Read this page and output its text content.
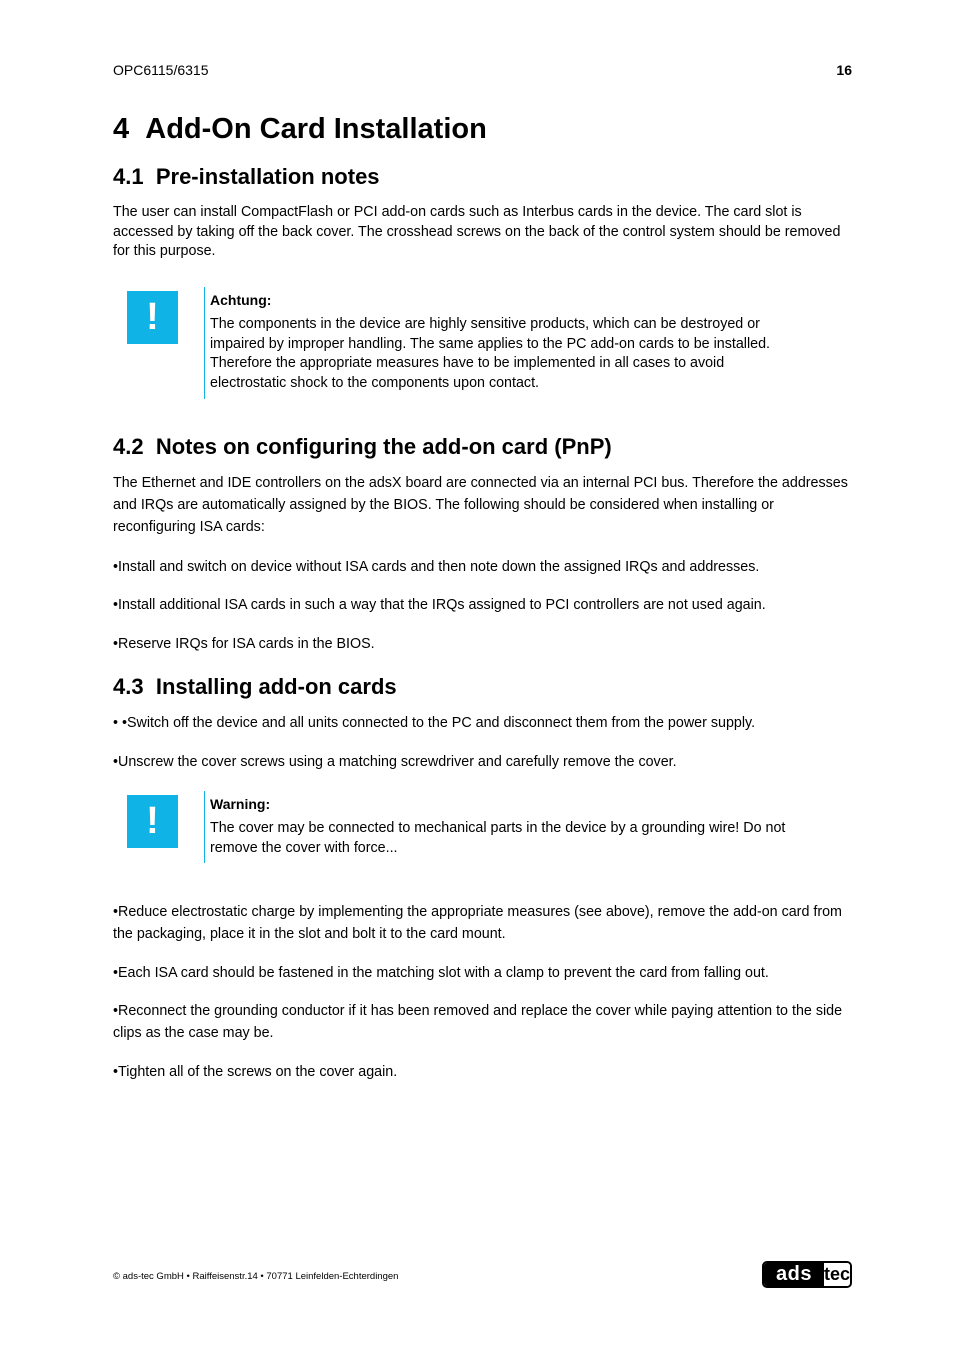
OPC6115/6315	16
4 Add-On Card Installation
4.1 Pre-installation notes

The user can install CompactFlash or PCI add-on cards such as Interbus cards in the device. The card slot is accessed by taking off the back cover. The crosshead screws on the back of the control system should be removed for this purpose.

!	Achtung:

The components in the device are highly sensitive products, which can be destroyed or impaired by improper handling. The same applies to the PC add-on cards to be installed. Therefore the appropriate measures have to be implemented in all cases to avoid electrostatic shock to the components upon contact.

4.2 Notes on configuring the add-on card (PnP)

The Ethernet and IDE controllers on the adsX board are connected via an internal PCI bus. Therefore the addresses and IRQs are automatically assigned by the BIOS. The following should be considered when installing or reconfiguring ISA cards:

•Install and switch on device without ISA cards and then note down the assigned IRQs and addresses.

•Install additional ISA cards in such a way that the IRQs assigned to PCI controllers are not used again.

•Reserve IRQs for ISA cards in the BIOS.

4.3 Installing add-on cards

• •Switch off the device and all units connected to the PC and disconnect them from the power supply.

•Unscrew the cover screws using a matching screwdriver and carefully remove the cover.

!	Warning:

The cover may be connected to mechanical parts in the device by a grounding wire! Do not remove the cover with force...

•Reduce electrostatic charge by implementing the appropriate measures (see above), remove the add-on card from the packaging, place it in the slot and bolt it to the card mount.

•Each ISA card should be fastened in the matching slot with a clamp to prevent the card from falling out.

•Reconnect the grounding conductor if it has been removed and replace the cover while paying attention to the side clips as the case may be.

•Tighten all of the screws on the cover again.

© ads-tec GmbH • Raiffeisenstr.14 • 70771 Leinfelden-Echterdingen	ads tec
